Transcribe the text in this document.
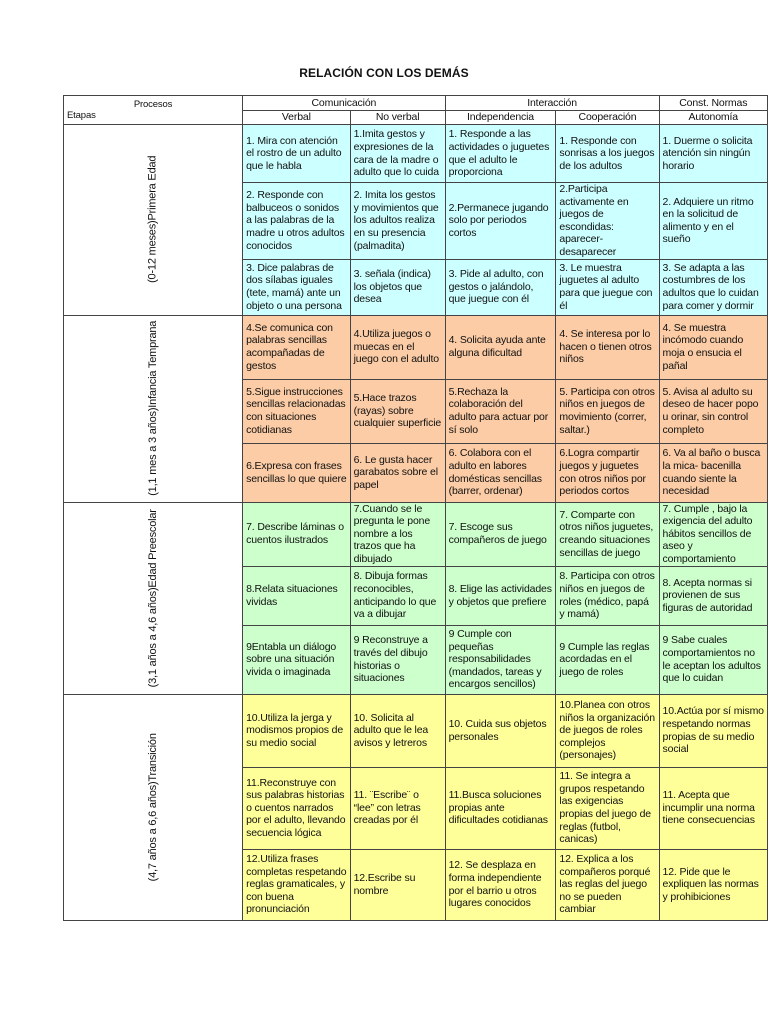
RELACIÓN CON LOS DEMÁS
Procesos
Etapas	Comunicación		Interacción		Const. Normas
	Verbal	No verbal	Independencia	Cooperación	Autonomía
(0-12 meses)Primera Edad	1. Mira con atención el rostro de un adulto que le habla	1.Imita gestos y expresiones de la cara de la madre o adulto que lo cuida	1. Responde a las actividades o juguetes que el adulto le proporciona	1. Responde con sonrisas a los juegos de los adultos	1. Duerme o solicita atención sin ningún horario
	2. Responde con balbuceos o sonidos a las palabras de la madre u otros adultos conocidos	2. Imita los gestos y movimientos que los adultos realiza en su presencia (palmadita)	2.Permanece jugando solo por periodos cortos	2.Participa activamente en juegos de escondidas: aparecer-desaparecer	2. Adquiere un ritmo en la solicitud de alimento y en el sueño
	3. Dice palabras de dos sílabas iguales (tete, mamá) ante un objeto o una persona	3. señala (indica) los objetos que desea	3. Pide al adulto, con gestos o jalándolo, que juegue con él	3. Le muestra juguetes al adulto para que juegue con él	3. Se adapta a las costumbres de los adultos que lo cuidan para comer y dormir
(1,1 mes a 3 años)Infancia Temprana	4.Se comunica con palabras sencillas acompañadas de gestos	4.Utiliza juegos o muecas en el juego con el adulto	4. Solicita ayuda ante alguna dificultad	4. Se interesa por lo hacen o tienen otros niños	4. Se muestra incómodo cuando moja o ensucia el pañal
	5.Sigue instrucciones sencillas relacionadas con situaciones cotidianas	5.Hace trazos (rayas) sobre cualquier superficie	5.Rechaza la colaboración del adulto para actuar por sí solo	5. Participa con otros niños en juegos de movimiento (correr, saltar.)	5. Avisa al adulto su deseo de hacer popo u orinar, sin control completo
	6.Expresa con frases sencillas lo que quiere	6. Le gusta hacer garabatos sobre el papel	6. Colabora con el adulto en labores domésticas sencillas (barrer, ordenar)	6.Logra compartir juegos y juguetes con otros niños por periodos cortos	6. Va al baño o busca la mica- bacenilla cuando siente la necesidad
(3,1 años a 4,6 años)Edad Preescolar	7. Describe láminas o cuentos ilustrados	7.Cuando se le pregunta le pone nombre a los trazos que ha dibujado	7. Escoge sus compañeros de juego	7. Comparte con otros niños juguetes, creando situaciones sencillas de juego	7. Cumple , bajo la exigencia del adulto hábitos sencillos de aseo y comportamiento
	8.Relata situaciones vividas	8. Dibuja formas reconocibles, anticipando lo que va a dibujar	8. Elige las actividades y objetos que prefiere	8. Participa con otros niños en juegos de roles (médico, papá y mamá)	8. Acepta normas si provienen de sus figuras de autoridad
	9Entabla un diálogo sobre una situación vivida o imaginada	9 Reconstruye a través del dibujo historias o situaciones	9 Cumple con pequeñas responsabilidades (mandados, tareas y encargos sencillos)	9 Cumple las reglas acordadas en el juego de roles	9 Sabe cuales comportamientos no le aceptan los adultos que lo cuidan
(4,7 años a 6,6 años)Transición	10.Utiliza la jerga y modismos propios de su medio social	10. Solicita al adulto que le lea avisos y letreros	10. Cuida sus objetos personales	10.Planea con otros niños la organización de juegos de roles complejos (personajes)	10.Actúa por sí mismo respetando normas propias de su medio social
	11.Reconstruye con sus palabras historias o cuentos narrados por el adulto, llevando secuencia lógica	11. ¨Escribe¨ o “lee” con letras creadas por él	11.Busca soluciones propias ante dificultades cotidianas	11. Se integra a grupos respetando las exigencias propias del juego de reglas (futbol, canicas)	11. Acepta que incumplir una norma tiene consecuencias
	12.Utiliza frases completas respetando reglas gramaticales, y con buena pronunciación	12.Escribe su nombre	12. Se desplaza en forma independiente por el barrio u otros lugares conocidos	12. Explica a los compañeros porqué las reglas del juego no se pueden cambiar	12. Pide que le expliquen las normas y prohibiciones
